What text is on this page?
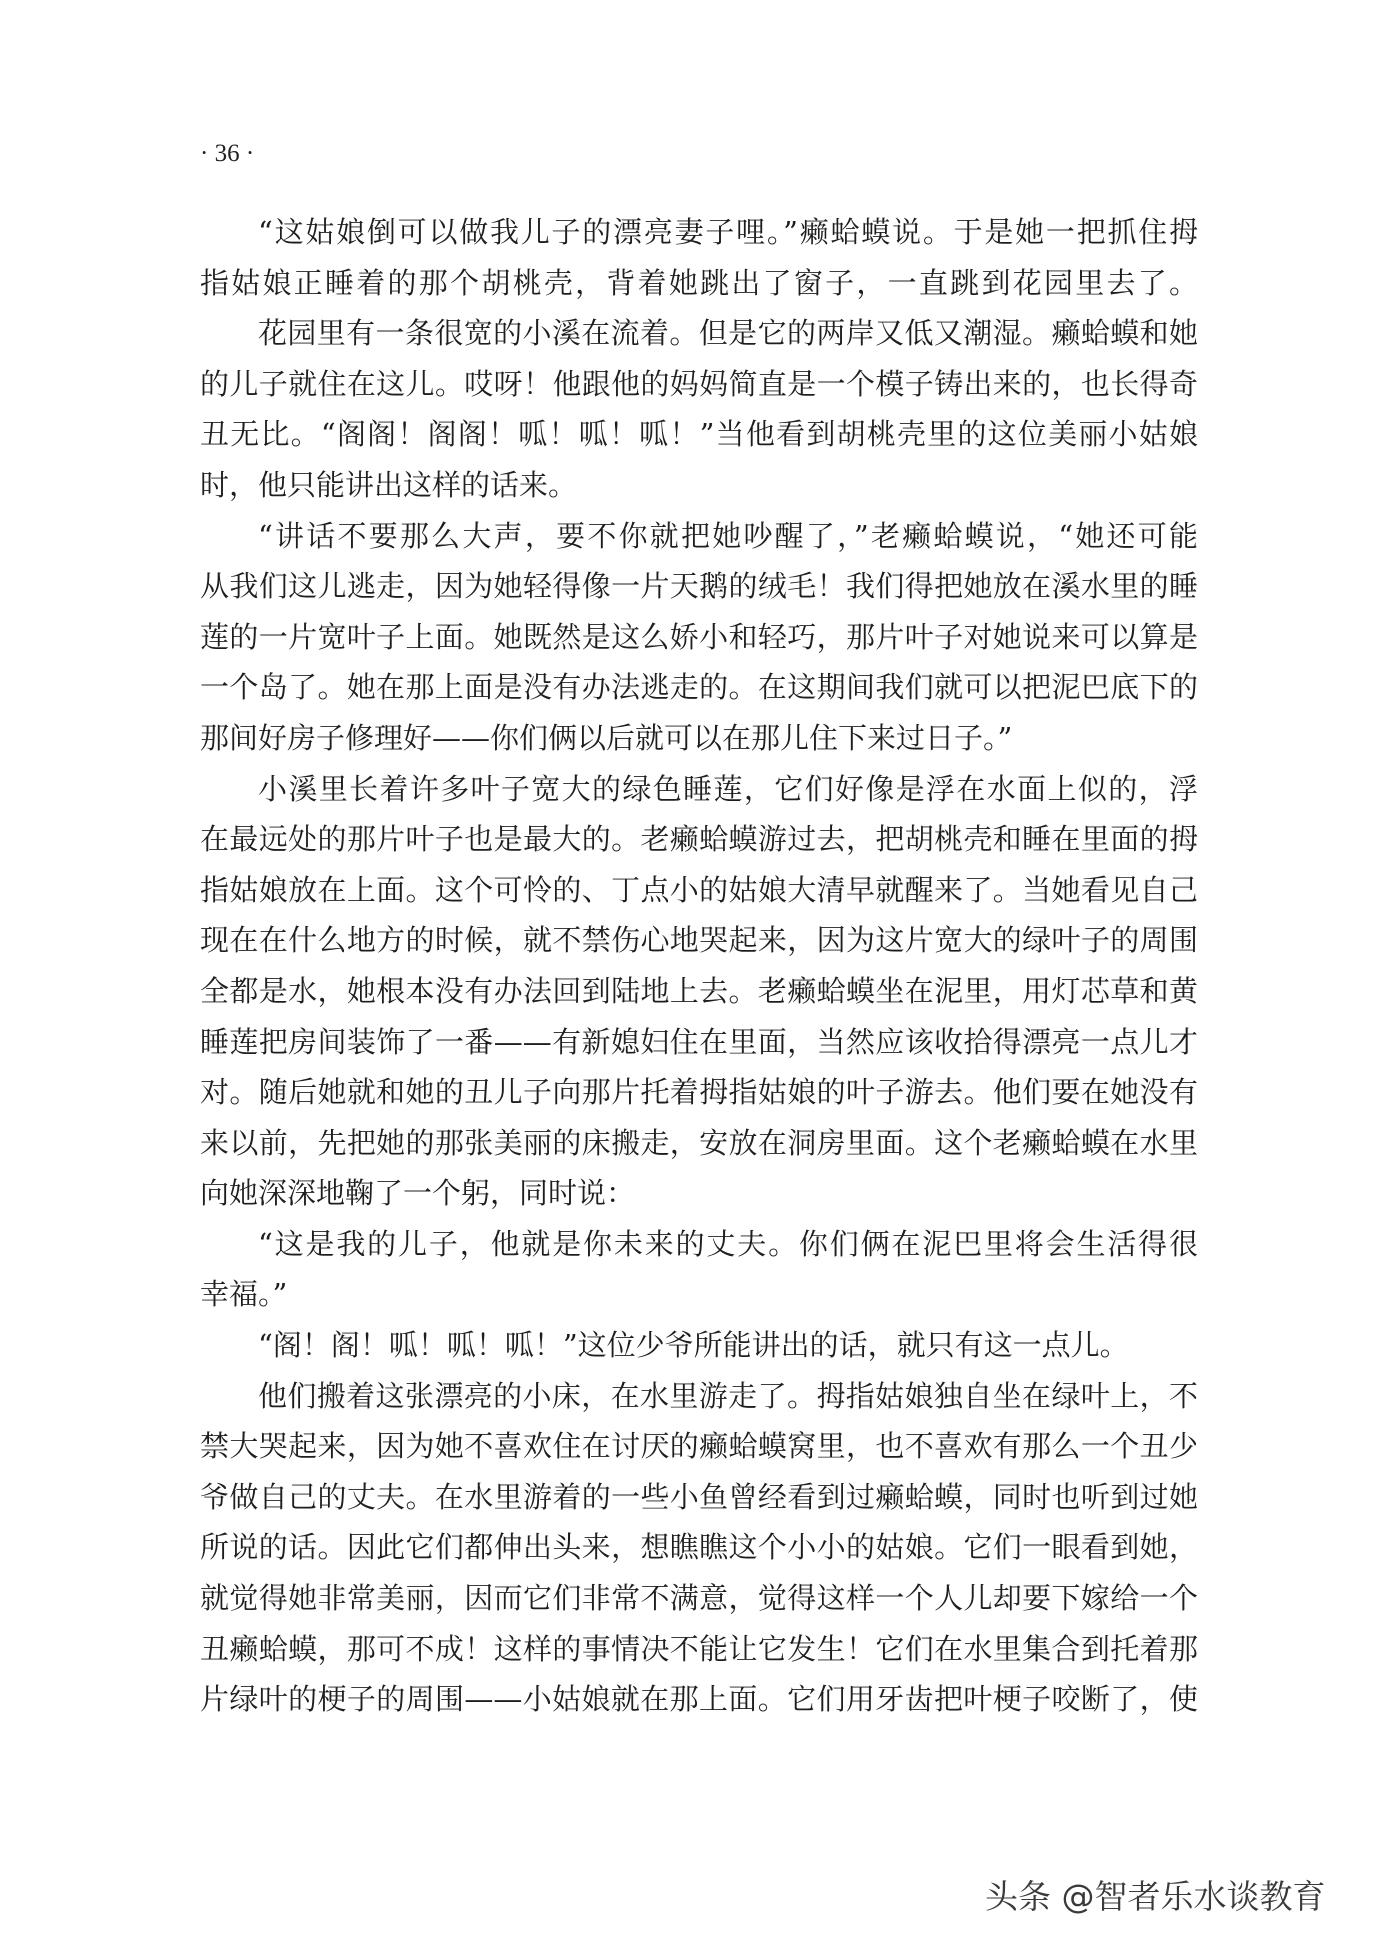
· 36 ·
“这姑娘倒可以做我儿子的漂亮妻子哩。”癞蛤蟆说。于是她一把抓住拇
指姑娘正睡着的那个胡桃壳，背着她跳出了窗子，一直跳到花园里去了。
花园里有一条很宽的小溪在流着。但是它的两岸又低又潮湿。癞蛤蟆和她
的儿子就住在这儿。哎呀！他跟他的妈妈简直是一个模子铸出来的，也长得奇
丑无比。“阁阁！阁阁！呱！呱！呱！”当他看到胡桃壳里的这位美丽小姑娘
时，他只能讲出这样的话来。
“讲话不要那么大声，要不你就把她吵醒了，”老癞蛤蟆说，“她还可能
从我们这儿逃走，因为她轻得像一片天鹅的绒毛！我们得把她放在溪水里的睡
莲的一片宽叶子上面。她既然是这么娇小和轻巧，那片叶子对她说来可以算是
一个岛了。她在那上面是没有办法逃走的。在这期间我们就可以把泥巴底下的
那间好房子修理好——你们俩以后就可以在那儿住下来过日子。”
小溪里长着许多叶子宽大的绿色睡莲，它们好像是浮在水面上似的，浮
在最远处的那片叶子也是最大的。老癞蛤蟆游过去，把胡桃壳和睡在里面的拇
指姑娘放在上面。这个可怜的、丁点小的姑娘大清早就醒来了。当她看见自己
现在在什么地方的时候，就不禁伤心地哭起来，因为这片宽大的绿叶子的周围
全都是水，她根本没有办法回到陆地上去。老癞蛤蟆坐在泥里，用灯芯草和黄
睡莲把房间装饰了一番——有新媳妇住在里面，当然应该收拾得漂亮一点儿才
对。随后她就和她的丑儿子向那片托着拇指姑娘的叶子游去。他们要在她没有
来以前，先把她的那张美丽的床搬走，安放在洞房里面。这个老癞蛤蟆在水里
向她深深地鞠了一个躬，同时说：
“这是我的儿子，他就是你未来的丈夫。你们俩在泥巴里将会生活得很
幸福。”
“阁！阁！呱！呱！呱！”这位少爷所能讲出的话，就只有这一点儿。
他们搬着这张漂亮的小床，在水里游走了。拇指姑娘独自坐在绿叶上，不
禁大哭起来，因为她不喜欢住在讨厌的癞蛤蟆窝里，也不喜欢有那么一个丑少
爷做自己的丈夫。在水里游着的一些小鱼曾经看到过癞蛤蟆，同时也听到过她
所说的话。因此它们都伸出头来，想瞧瞧这个小小的姑娘。它们一眼看到她，
就觉得她非常美丽，因而它们非常不满意，觉得这样一个人儿却要下嫁给一个
丑癞蛤蟆，那可不成！这样的事情决不能让它发生！它们在水里集合到托着那
片绿叶的梗子的周围——小姑娘就在那上面。它们用牙齿把叶梗子咬断了，使
头条 @智者乐水谈教育
